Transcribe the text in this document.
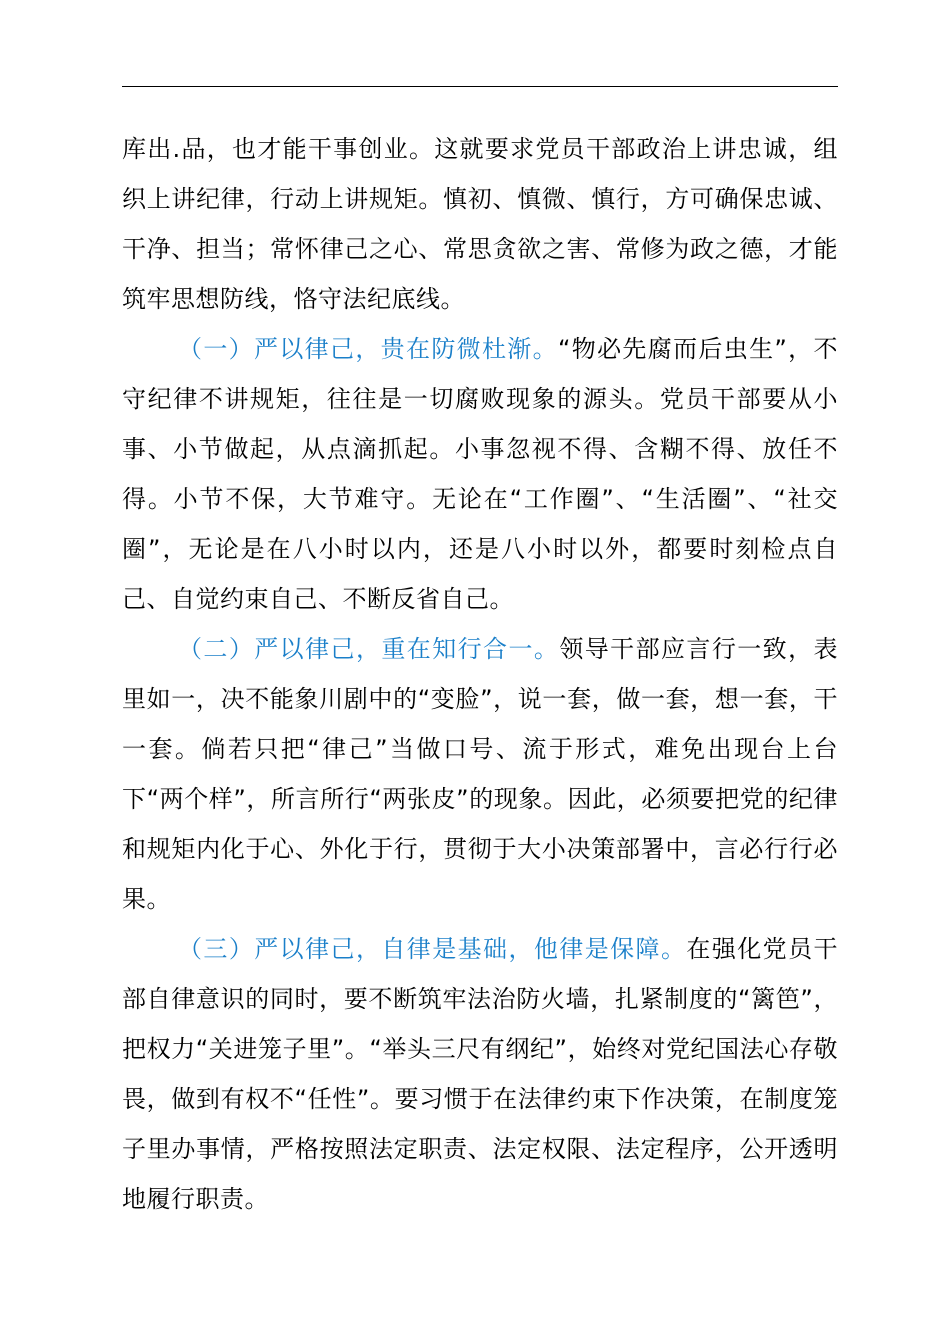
库出.品，也才能干事创业。这就要求党员干部政治上讲忠诚，组织上讲纪律，行动上讲规矩。慎初、慎微、慎行，方可确保忠诚、干净、担当；常怀律己之心、常思贪欲之害、常修为政之德，才能筑牢思想防线，恪守法纪底线。

（一）严以律己，贵在防微杜渐。“物必先腐而后虫生”，不守纪律不讲规矩，往往是一切腐败现象的源头。党员干部要从小事、小节做起，从点滴抓起。小事忽视不得、含糊不得、放任不得。小节不保，大节难守。无论在“工作圈”、“生活圈”、“社交圈”，无论是在八小时以内，还是八小时以外，都要时刻检点自己、自觉约束自己、不断反省自己。

（二）严以律己，重在知行合一。领导干部应言行一致，表里如一，决不能象川剧中的“变脸”，说一套，做一套，想一套，干一套。倘若只把“律己”当做口号、流于形式，难免出现台上台下“两个样”，所言所行“两张皮”的现象。因此，必须要把党的纪律和规矩内化于心、外化于行，贯彻于大小决策部署中，言必行行必果。

（三）严以律己，自律是基础，他律是保障。在强化党员干部自律意识的同时，要不断筑牢法治防火墙，扎紧制度的“篱笆”，把权力“关进笼子里”。“举头三尺有纲纪”，始终对党纪国法心存敬畏，做到有权不“任性”。要习惯于在法律约束下作决策，在制度笼子里办事情，严格按照法定职责、法定权限、法定程序，公开透明地履行职责。
